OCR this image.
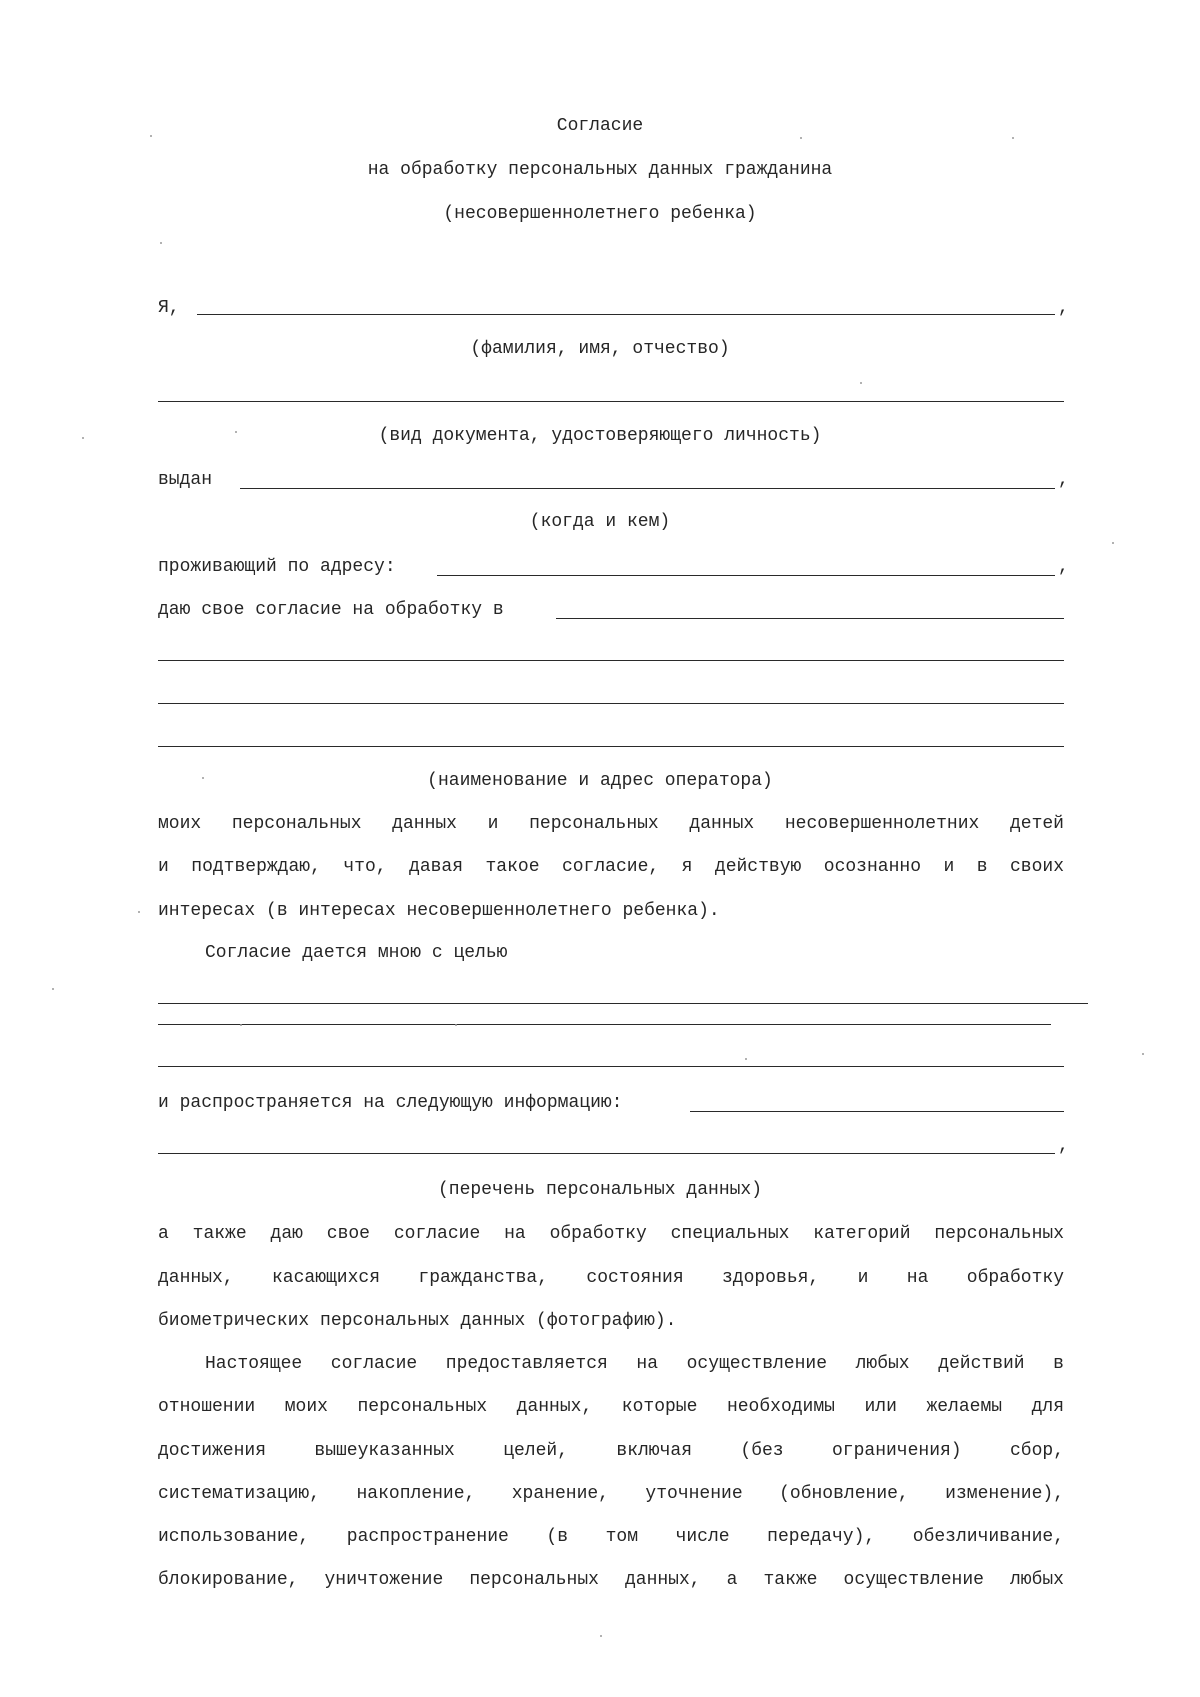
Согласие
на обработку персональных данных гражданина
(несовершеннолетнего ребенка)
Я,	,
(фамилия, имя, отчество)
(вид документа, удостоверяющего личность)
выдан	,
(когда и кем)
проживающий по адресу:	,
даю свое согласие на обработку в
(наименование и адрес оператора)
моих персональных данных и персональных данных несовершеннолетних детей
и подтверждаю, что, давая такое согласие, я действую осознанно и в своих
интересах (в интересах несовершеннолетнего ребенка).
Согласие дается мною с целью
и распространяется на следующую информацию:
,
(перечень персональных данных)
а также даю свое согласие на обработку специальных категорий персональных
данных, касающихся гражданства, состояния здоровья, и на обработку
биометрических персональных данных (фотографию).
Настоящее согласие предоставляется на осуществление любых действий в
отношении моих персональных данных, которые необходимы или желаемы для
достижения вышеуказанных целей, включая (без ограничения) сбор,
систематизацию, накопление, хранение, уточнение (обновление, изменение),
использование, распространение (в том числе передачу), обезличивание,
блокирование, уничтожение персональных данных, а также осуществление любых
